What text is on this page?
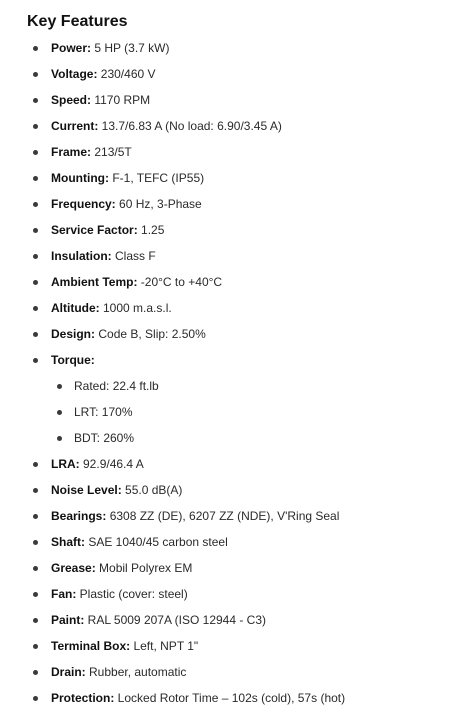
Key Features
Power: 5 HP (3.7 kW)
Voltage: 230/460 V
Speed: 1170 RPM
Current: 13.7/6.83 A (No load: 6.90/3.45 A)
Frame: 213/5T
Mounting: F-1, TEFC (IP55)
Frequency: 60 Hz, 3-Phase
Service Factor: 1.25
Insulation: Class F
Ambient Temp: -20°C to +40°C
Altitude: 1000 m.a.s.l.
Design: Code B, Slip: 2.50%
Torque:
Rated: 22.4 ft.lb
LRT: 170%
BDT: 260%
LRA: 92.9/46.4 A
Noise Level: 55.0 dB(A)
Bearings: 6308 ZZ (DE), 6207 ZZ (NDE), V'Ring Seal
Shaft: SAE 1040/45 carbon steel
Grease: Mobil Polyrex EM
Fan: Plastic (cover: steel)
Paint: RAL 5009 207A (ISO 12944 - C3)
Terminal Box: Left, NPT 1"
Drain: Rubber, automatic
Protection: Locked Rotor Time – 102s (cold), 57s (hot)
